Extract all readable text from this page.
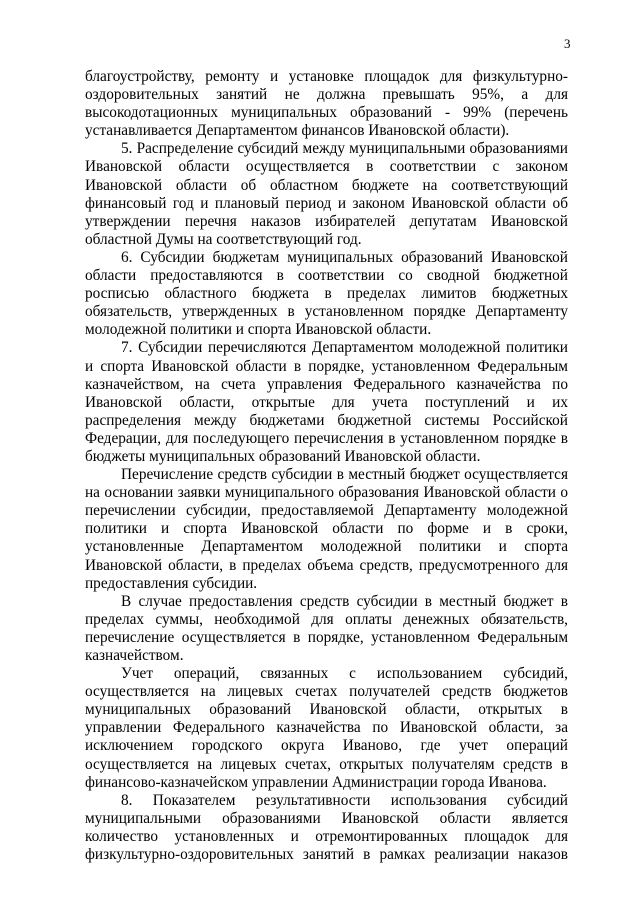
3

благоустройству, ремонту и установке площадок для физкультурно-оздоровительных занятий не должна превышать 95%, а для высокодотационных муниципальных образований - 99% (перечень устанавливается Департаментом финансов Ивановской области).

5. Распределение субсидий между муниципальными образованиями Ивановской области осуществляется в соответствии с законом Ивановской области об областном бюджете на соответствующий финансовый год и плановый период и законом Ивановской области об утверждении перечня наказов избирателей депутатам Ивановской областной Думы на соответствующий год.

6. Субсидии бюджетам муниципальных образований Ивановской области предоставляются в соответствии со сводной бюджетной росписью областного бюджета в пределах лимитов бюджетных обязательств, утвержденных в установленном порядке Департаменту молодежной политики и спорта Ивановской области.

7. Субсидии перечисляются Департаментом молодежной политики и спорта Ивановской области в порядке, установленном Федеральным казначейством, на счета управления Федерального казначейства по Ивановской области, открытые для учета поступлений и их распределения между бюджетами бюджетной системы Российской Федерации, для последующего перечисления в установленном порядке в бюджеты муниципальных образований Ивановской области.

Перечисление средств субсидии в местный бюджет осуществляется на основании заявки муниципального образования Ивановской области о перечислении субсидии, предоставляемой Департаменту молодежной политики и спорта Ивановской области по форме и в сроки, установленные Департаментом молодежной политики и спорта Ивановской области, в пределах объема средств, предусмотренного для предоставления субсидии.

В случае предоставления средств субсидии в местный бюджет в пределах суммы, необходимой для оплаты денежных обязательств, перечисление осуществляется в порядке, установленном Федеральным казначейством.

Учет операций, связанных с использованием субсидий, осуществляется на лицевых счетах получателей средств бюджетов муниципальных образований Ивановской области, открытых в управлении Федерального казначейства по Ивановской области, за исключением городского округа Иваново, где учет операций осуществляется на лицевых счетах, открытых получателям средств в финансово-казначейском управлении Администрации города Иванова.

8. Показателем результативности использования субсидий муниципальными образованиями Ивановской области является количество установленных и отремонтированных площадок для физкультурно-оздоровительных занятий в рамках реализации наказов
